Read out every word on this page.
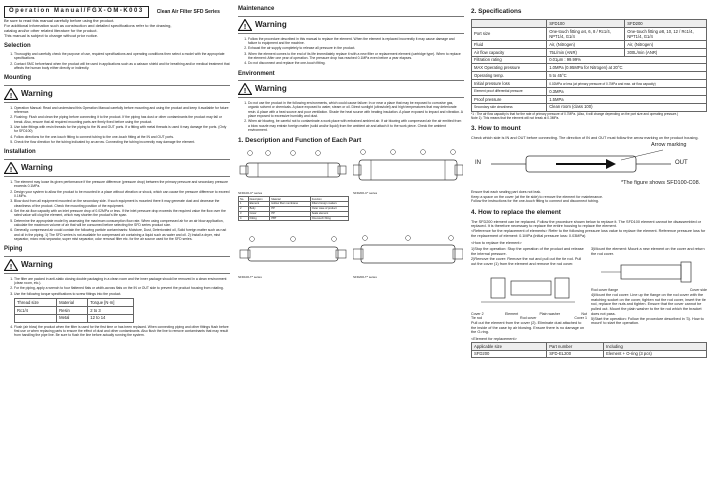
Operation Manual/FGX-OM-K003	Clean Air Filter SFD Series

Be sure to read this manual carefully before using the product.

For additional information such as construction and detailed specifications refer to the drawing,

catalog and/or other related literature for the product.

This manual is subject to change without prior notice.

Selection
1. Thoroughly and carefully check the purpose of use, required specifications and operating conditions then select a model with the appropriate specifications.
2. Contact SMC beforehand when the product will be used in applications such as a caisson shield and for breathing and/or medical treatment that affects the human body either directly or indirectly.
Mounting
! Warning
1. Operation Manual: Read and understand this Operation Manual carefully before mounting and using the product and keep it available for future reference.
2. Flushing: Flush and clean the piping before connecting it to the product. If the piping has dust or other contaminants the product may fail or break. Also, ensure that all required mounting parts are firmly fixed before using the product.
3. Use tube fittings with resin threads for the piping to the IN and OUT ports. If a fitting with metal threads is used it may damage the ports. (Only for SFD100)
4. Follow directions for the one-touch fitting to connect tubing to the one-touch fitting at the IN and OUT ports.
5. Check the flow direction for the tubing indicated by an arrow. Connecting the tubing incorrectly may damage the element.
Installation
! Warning
1. The element may loose its given performance if the pressure difference (pressure drop) between the primary pressure and secondary pressure exceeds 0.1MPa.
2. Design your system to allow the product to be mounted in a place without vibration or shock, which can cause the pressure difference to exceed 0.1MPa.
3. Blow dust from all equipment mounted on the secondary side. If such equipment is mounted there it may generate dust and decrease the cleanliness of the product. Check the mounting position of the equipment.
4. Set the air-flow capacity with an inlet pressure drop of 0.02MPa or less. If the inlet pressure drop exceeds the required value the flow over the rated value will clog the element, which may shorten the product's life span.
5. Determine the appropriate model by assessing the maximum consumption flow rate. When using compressed air for an air blow application, calculate the maximum volume of air that will be consumed before selecting the SFD series product size.
6. Generally, compressed air could contain the following particle contaminants: Moisture, Dust, Deteriorated oil, Solid foreign matter such as rust and oil in the piping. 1) The SFD series is not available for compressed air containing a liquid such as water and oil. 2) Install a dryer, mist separator, micro mist separator, super mist separator, odor removal filter etc. for the air source used for the SFD series.
Piping
! Warning
1. The filter are packed in anti-static closing double packaging in a clean room and the inner package should be removed in a clean environment (clean room, etc.).
2. For the piping, apply a wrench to four flattened flats or width-across flats on the IN or OUT side to prevent the product housing from rotating.
3. Use the following torque specifications to screw fittings into the product.
Thread size	Material	Torque [N·m]
Rc1/4	Resin	2 to 3
	Metal	12 to 14
4. Flush (air blow) the product when the filter is used for the first time or has been replaced. When connecting piping and other fittings flush before first use or when replacing parts to ensure the effect of dust and other contaminants. Also flush the line to remove contaminants that may result from handling the pipe line. Be sure to flush the line before actually running the system.
Maintenance
! Warning
1. Follow the procedure described in this manual to replace the element. When the element is replaced incorrectly it may cause damage and failure to equipment and the machine.
2. Exhaust the air supply completely to release all pressure in the product.
3. When the element comes to the end of its life immediately replace it with a new filter or replacement element (cartridge type). When to replace the element: After one year of operation. The pressure drop has reached 0.1MPa even before a year elapses.
4. Do not disconnect and replace the one-touch fitting.
Environment
! Warning
1. Do not use the product in the following environments, which could cause failure: In or near a place that may be exposed to corrosive gas, organic solvent or chemicals. A place exposed to water, steam or oil. Direct sunlight (ultraviolet) and high temperatures that may deteriorate resin. A place with a heat source and poor ventilation. Shade the heat source with heating insulation. A place exposed to impact and vibration. A place exposed to excessive humidity and dust.
2. When air blowing, be careful not to contaminate a work place with entrained ambient air. If air blowing with compressed air the air emitted from a blow nozzle may entrain foreign matter (solid and/or liquid) from the ambient air and attach it to the work piece. Check the ambient environment.
1. Description and Function of Each Part
SFD100-C* series
No.	Description	Material	Function
1	Element	Hollow fiber membrane	Filters foreign matters
2	Body	PP	Outer case of product
3	Cover	PP	Seals element
4	Fitting	PBT	One-touch fitting
SFD200-C* series
SFD100-T* series	SFD200-T* series
2. Specifications
	SFD100	SFD200
Port size	One-touch fitting ø4, 6, 8 / Rc1/4, NPT1/4, G1/4	One-touch fitting ø8, 10, 12 / Rc1/4, NPT1/4, G1/4
Fluid	Air, (Nitrogen)	Air, (Nitrogen)
Air flow capacity	75L/min (ANR)	300L/min (ANR)
Filtration rating	0.01μm : 99.99%	
MAX Operating pressure	1.0MPa (0.95MPa for Nitrogen) at 20°C	
Operating temp.	5 to 45°C	
Initial pressure loss	0.02MPa or less (at primary pressure of 0.7MPa and max. air flow capacity)	
Element proof differential pressure	0.3MPa	
Proof pressure	1.5MPa	
Secondary side cleanliness	Clean room (class 100)	

*1 : The air flow capacity is that for the rate of primary pressure of 0.7MPa. (Also, it will change depending on the port size and operating pressure.)

Note 1): This means that the element will not break at 0.3MPa.

3. How to mount

Check which side is IN and OUT before connecting. The direction of IN and OUT must follow the arrow marking on the product housing.

IN	OUT
Arrow marking
*The figure shows SFD100-C08.
Ensure that each sealing part does not leak.
Keep a space on the cover (at the tie side) to remove the element for maintenance.
Follow the instructions for the one-touch fitting to connect and disconnect tubing.
4. How to replace the element

The SFD200 element can be replaced. Follow the procedure shown below to replace it. The SFD100 element cannot be disassembled or replaced. It is therefore necessary to replace the entire housing to replace the element.

<Reference for the replacement of elements> Refer to the following pressure loss value to replace the element. Reference pressure loss for the replacement of element: 0.1MPa (initial pressure loss: 0.03MPa)

<How to replace the element>

1)Stop the operation: Stop the operation of the product and release the internal pressure.

2)Remove the cover: Remove the nut and pull out the tie rod. Pull out the cover (1) from the element and remove the rod cover.

Cover 2	Element	Plain washer	Nut
Tie rod	Rod cover	Cover 1

Pull out the element from the cover (2). Eliminate dust attached to the inside of the case by air blowing. Ensure there is no damage on the O-ring.

3)Mount the element: Mount a new element on the cover and return the rod cover.

Rod cover flange	Cover side

4)Mount the rod cover: Line up the flange on the rod cover with the matching socket on the cover, tighten nut the rod cover, insert the tie rod, replace the nuts and tighten. Ensure that the cover cannot be pulled out. Mount the plain washer to the tie rod which the bracket does not pass.

5)Start the operation: Follow the procedure described in '3). How to mount' to start the operation.

<Element for replacement>

Applicable size	Part number	Including
SFD200	SFD-EL200	Element + O-ring (3 pcs)
